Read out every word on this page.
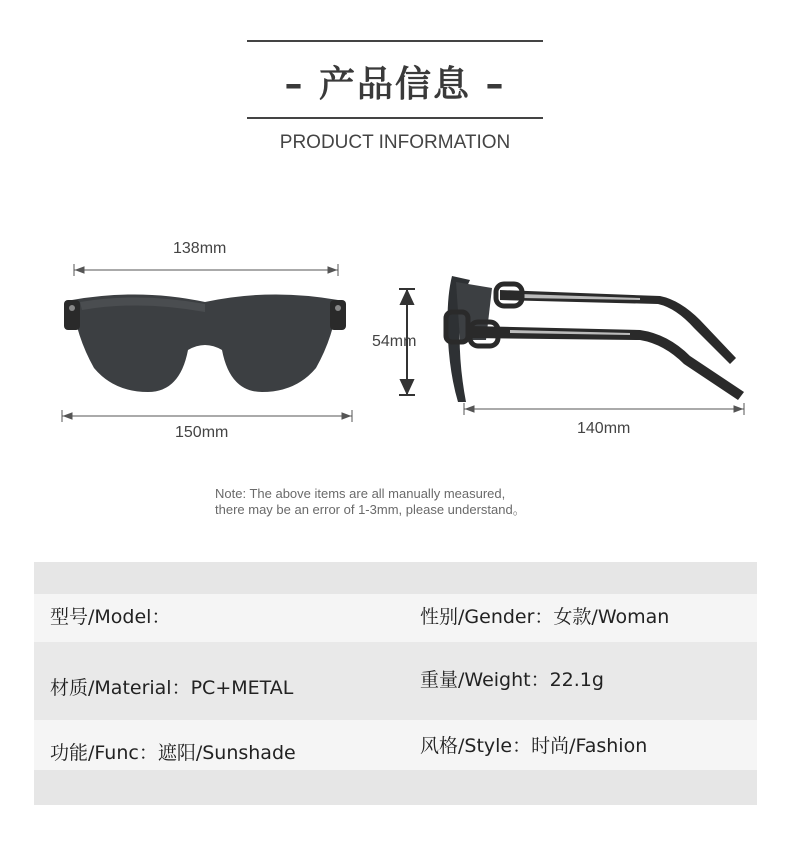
– 产品信息 –
PRODUCT INFORMATION
138mm
54mm
150mm	140mm
Note: The above items are all manually measured,
there may be an error of 1-3mm, please understand。
型号/Model：	性别/Gender：女款/Woman
材质/Material：PC+METAL	重量/Weight：22.1g
功能/Func：遮阳/Sunshade	风格/Style：时尚/Fashion
